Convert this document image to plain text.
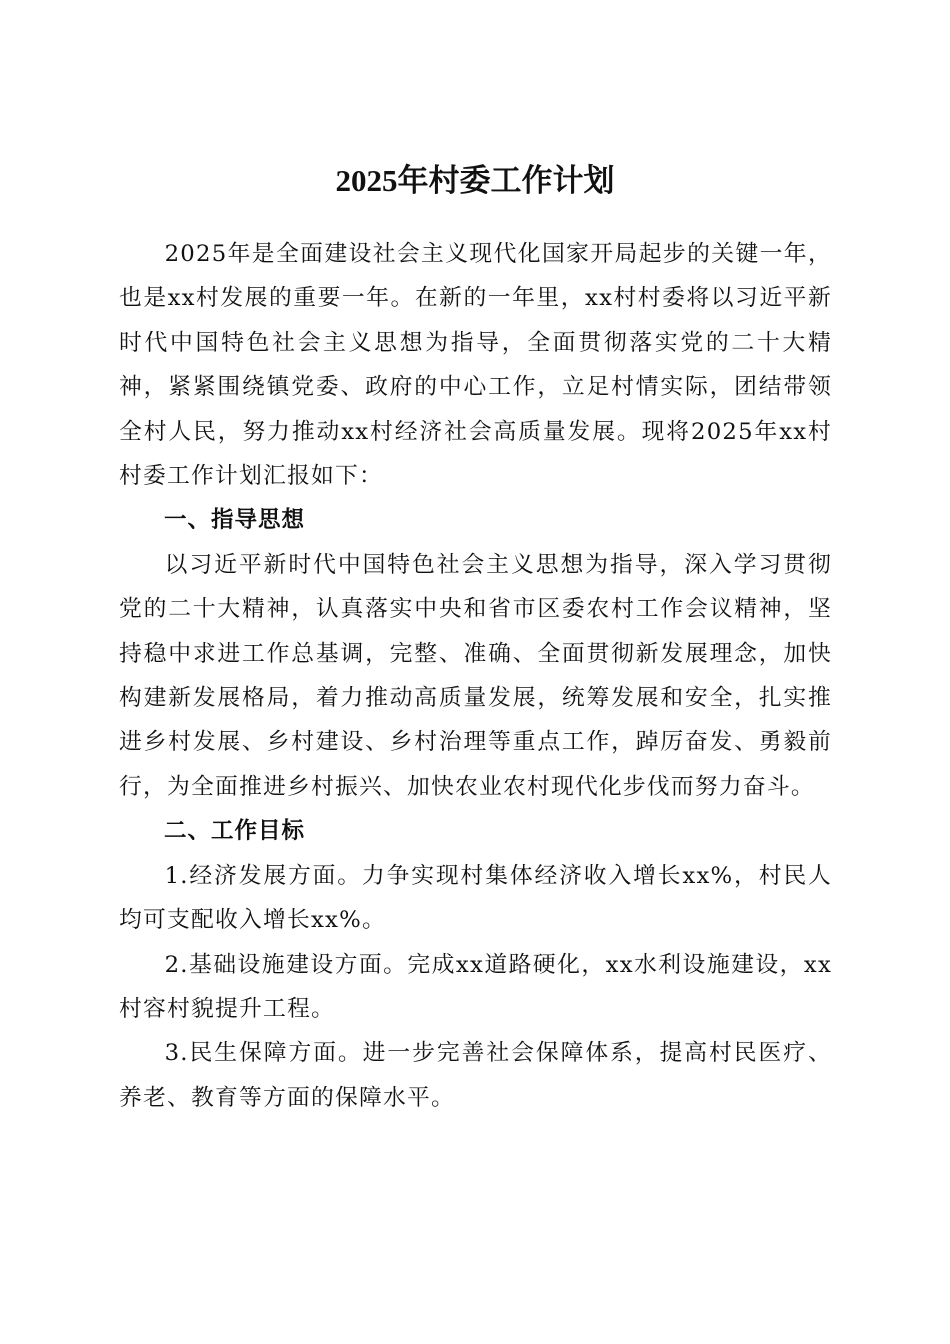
2025年村委工作计划

2025年是全面建设社会主义现代化国家开局起步的关键一年，也是xx村发展的重要一年。在新的一年里，xx村村委将以习近平新时代中国特色社会主义思想为指导，全面贯彻落实党的二十大精神，紧紧围绕镇党委、政府的中心工作，立足村情实际，团结带领全村人民，努力推动xx村经济社会高质量发展。现将2025年xx村村委工作计划汇报如下：

一、指导思想

以习近平新时代中国特色社会主义思想为指导，深入学习贯彻党的二十大精神，认真落实中央和省市区委农村工作会议精神，坚持稳中求进工作总基调，完整、准确、全面贯彻新发展理念，加快构建新发展格局，着力推动高质量发展，统筹发展和安全，扎实推进乡村发展、乡村建设、乡村治理等重点工作，踔厉奋发、勇毅前行，为全面推进乡村振兴、加快农业农村现代化步伐而努力奋斗。

二、工作目标

1.经济发展方面。力争实现村集体经济收入增长xx%，村民人均可支配收入增长xx%。

2.基础设施建设方面。完成xx道路硬化，xx水利设施建设，xx村容村貌提升工程。

3.民生保障方面。进一步完善社会保障体系，提高村民医疗、养老、教育等方面的保障水平。
